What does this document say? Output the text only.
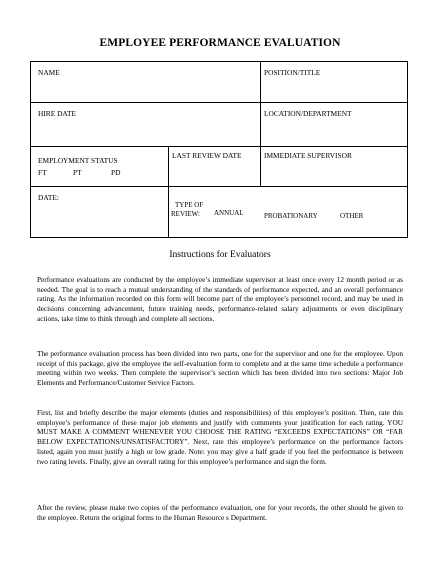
EMPLOYEE PERFORMANCE EVALUATION
NAME	POSITION/TITLE
HIRE DATE	LOCATION/DEPARTMENT
EMPLOYMENT STATUS
FT	PT	PD
LAST REVIEW DATE	IMMEDIATE SUPERVISOR
DATE:
TYPE OF
REVIEW:	ANNUAL	PROBATIONARY	OTHER
Instructions for Evaluators
Performance evaluations are conducted by the employee’s immediate supervisor at least once every 12 month period or as needed. The goal is to reach a mutual understanding of the standards of performance expected, and an overall performance rating. As the information recorded on this form will become part of the employee’s personnel record, and may be used in decisions concerning advancement, future training needs, performance-related salary adjustments or even disciplinary actions, take time to think through and complete all sections.
The performance evaluation process has been divided into two parts, one for the supervisor and one for the employee. Upon receipt of this package, give the employee the self-evaluation form to complete and at the same time schedule a performance meeting within two weeks. Then complete the supervisor’s section which has been divided into two sections: Major Job Elements and Performance/Customer Service Factors.
First, list and briefly describe the major elements (duties and responsibilities) of this employee’s position. Then, rate this employee’s performance of these major job elements and justify with comments your justification for each rating. YOU MUST MAKE A COMMENT WHENEVER YOU CHOOSE THE RATING “EXCEEDS EXPECTATIONS” OR “FAR BELOW EXPECTATIONS/UNSATISFACTORY”. Next, rate this employee’s performance on the performance factors listed, again you must justify a high or low grade. Note: you may give a half grade if you feel the performance is between two rating levels. Finally, give an overall rating for this employee’s performance and sign the form.
After the review, please make two copies of the performance evaluation, one for your records, the other should be given to the employee. Return the original forms to the Human Resource s Department.
